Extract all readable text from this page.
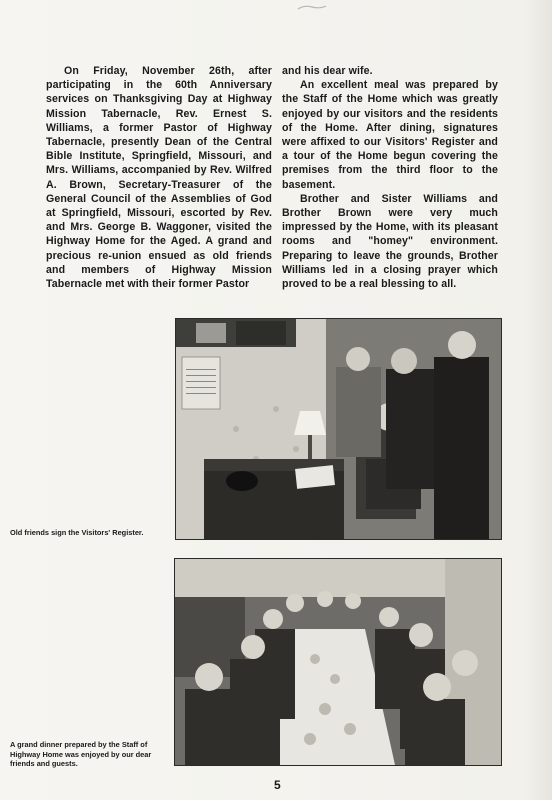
On Friday, November 26th, after participating in the 60th Anniversary services on Thanksgiving Day at Highway Mission Tabernacle, Rev. Ernest S. Williams, a former Pastor of Highway Tabernacle, presently Dean of the Central Bible Institute, Springfield, Missouri, and Mrs. Williams, accompanied by Rev. Wilfred A. Brown, Secretary-Treasurer of the General Council of the Assemblies of God at Springfield, Missouri, escorted by Rev. and Mrs. George B. Waggoner, visited the Highway Home for the Aged. A grand and precious re-union ensued as old friends and members of Highway Mission Tabernacle met with their former Pastor

and his dear wife.

An excellent meal was prepared by the Staff of the Home which was greatly enjoyed by our visitors and the residents of the Home. After dining, signatures were affixed to our Visitors' Register and a tour of the Home begun covering the premises from the third floor to the basement.

Brother and Sister Williams and Brother Brown were very much impressed by the Home, with its pleasant rooms and "homey" environment. Preparing to leave the grounds, Brother Williams led in a closing prayer which proved to be a real blessing to all.

Old friends sign the Visitors' Register.
A grand dinner prepared by the Staff of Highway Home was enjoyed by our dear friends and guests.
5
